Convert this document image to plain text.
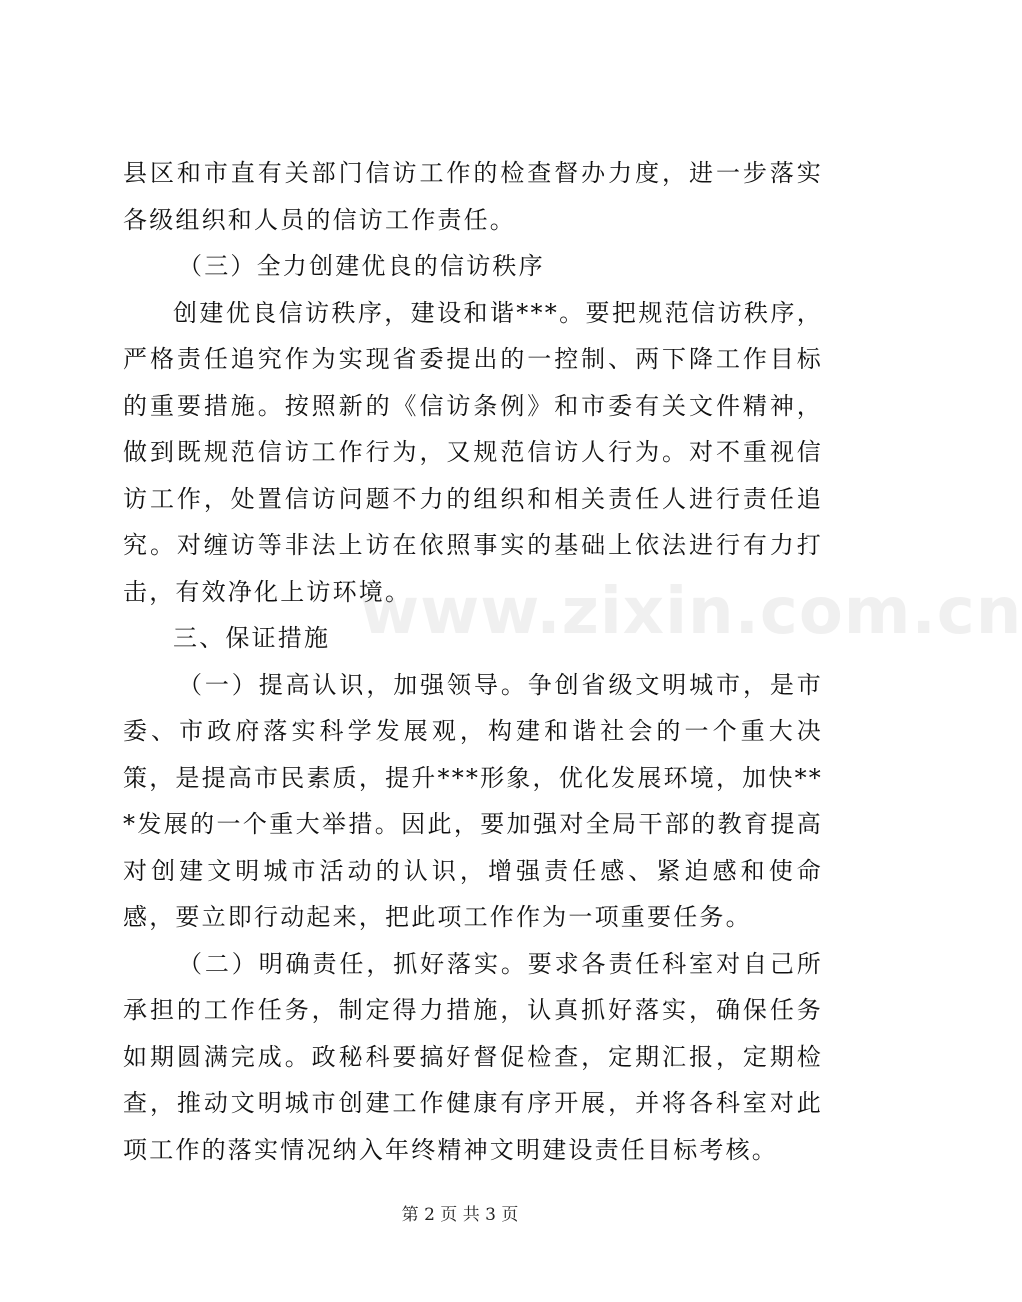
www.zixin.com.cn

县区和市直有关部门信访工作的检查督办力度，进一步落实各级组织和人员的信访工作责任。

（三）全力创建优良的信访秩序

创建优良信访秩序，建设和谐***。要把规范信访秩序，严格责任追究作为实现省委提出的一控制、两下降工作目标的重要措施。按照新的《信访条例》和市委有关文件精神，做到既规范信访工作行为，又规范信访人行为。对不重视信访工作，处置信访问题不力的组织和相关责任人进行责任追究。对缠访等非法上访在依照事实的基础上依法进行有力打击，有效净化上访环境。

三、保证措施

（一）提高认识，加强领导。争创省级文明城市，是市委、市政府落实科学发展观，构建和谐社会的一个重大决策，是提高市民素质，提升***形象，优化发展环境，加快***发展的一个重大举措。因此，要加强对全局干部的教育提高对创建文明城市活动的认识，增强责任感、紧迫感和使命感，要立即行动起来，把此项工作作为一项重要任务。

（二）明确责任，抓好落实。要求各责任科室对自己所承担的工作任务，制定得力措施，认真抓好落实，确保任务如期圆满完成。政秘科要搞好督促检查，定期汇报，定期检查，推动文明城市创建工作健康有序开展，并将各科室对此项工作的落实情况纳入年终精神文明建设责任目标考核。

第 2 页 共 3 页
